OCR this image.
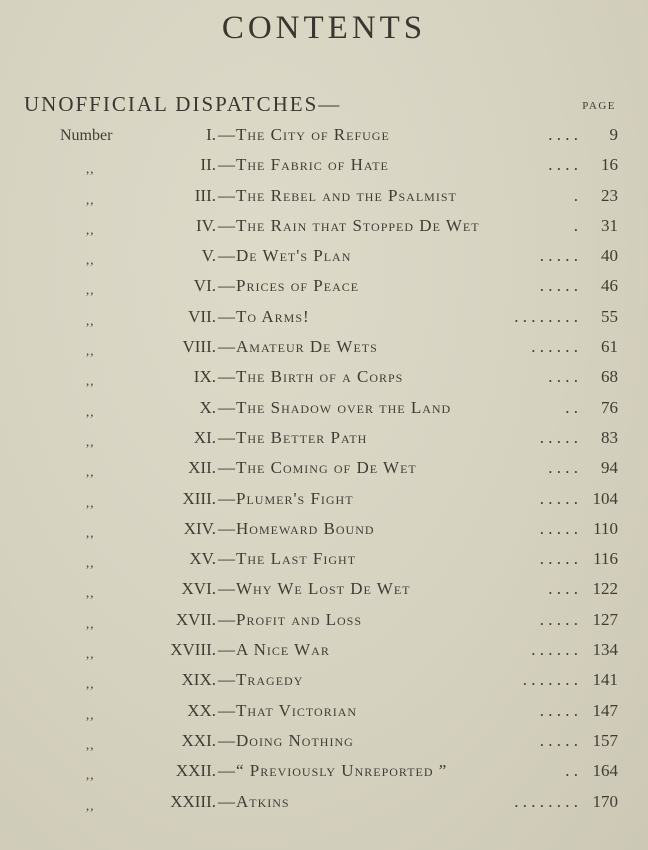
CONTENTS
UNOFFICIAL DISPATCHES—	PAGE
Number	I. —The City of Refuge	. . . . 9
,,	II. —The Fabric of Hate	. . . . 16
,,	III. —The Rebel and the Psalmist	. 23
,,	IV. —The Rain that Stopped De Wet	. 31
,,	V. —De Wet's Plan	. . . . . 40
,,	VI. —Prices of Peace	. . . . . 46
,,	VII. —To Arms!	. . . . . . . . 55
,,	VIII. —Amateur De Wets	. . . . . . 61
,,	IX. —The Birth of a Corps	. . . . 68
,,	X. —The Shadow over the Land	. . 76
,,	XI. —The Better Path	. . . . . 83
,,	XII. —The Coming of De Wet	. . . . 94
,,	XIII. —Plumer's Fight	. . . . . 104
,,	XIV. —Homeward Bound	. . . . . 110
,,	XV. —The Last Fight	. . . . . 116
,,	XVI. —Why We Lost De Wet	. . . . 122
,,	XVII. —Profit and Loss	. . . . . 127
,,	XVIII. —A Nice War	. . . . . . 134
,,	XIX. —Tragedy	. . . . . . . 141
,,	XX. —That Victorian	. . . . . 147
,,	XXI. —Doing Nothing	. . . . . 157
,,	XXII. —“ Previously Unreported ”	. . 164
,,	XXIII. —Atkins	. . . . . . . . 170
